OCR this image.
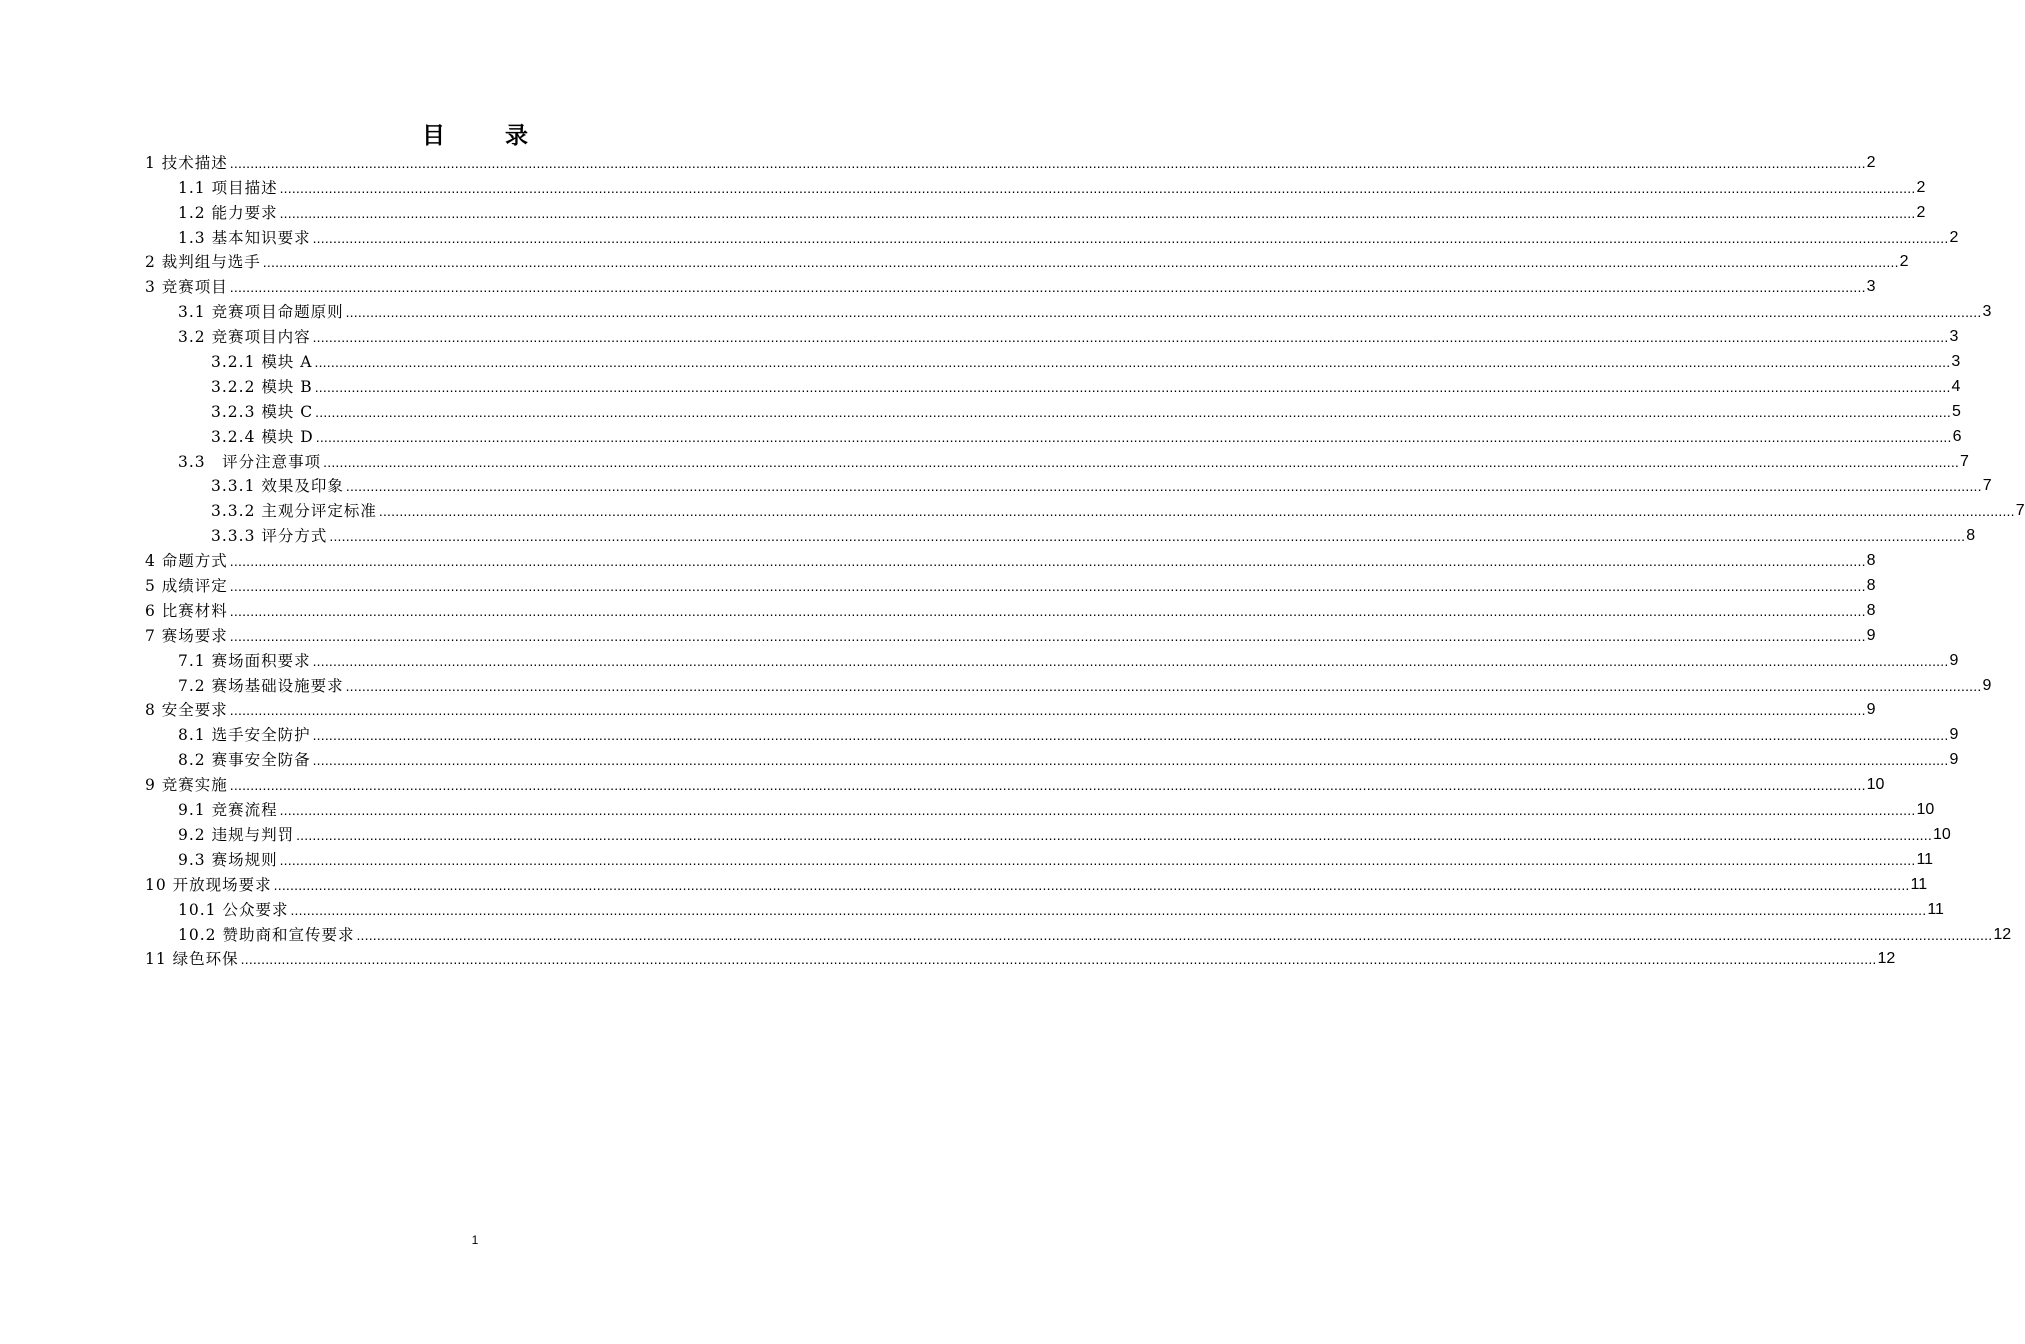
目 录
1 技术描述 ................................................................................................................................................................................................................................................................................................................................................................................................................ 2
1.1 项目描述 ................................................................................................................................................................................................................................................................................................................................................................................................................ 2
1.2 能力要求 ................................................................................................................................................................................................................................................................................................................................................................................................................ 2
1.3 基本知识要求 ................................................................................................................................................................................................................................................................................................................................................................................................................ 2
2 裁判组与选手 ................................................................................................................................................................................................................................................................................................................................................................................................................ 2
3 竞赛项目 ................................................................................................................................................................................................................................................................................................................................................................................................................ 3
3.1 竞赛项目命题原则 ................................................................................................................................................................................................................................................................................................................................................................................................................ 3
3.2 竞赛项目内容 ................................................................................................................................................................................................................................................................................................................................................................................................................ 3
3.2.1 模块 A ................................................................................................................................................................................................................................................................................................................................................................................................................ 3
3.2.2 模块 B ................................................................................................................................................................................................................................................................................................................................................................................................................ 4
3.2.3 模块 C ................................................................................................................................................................................................................................................................................................................................................................................................................ 5
3.2.4 模块 D ................................................................................................................................................................................................................................................................................................................................................................................................................ 6
3.3　评分注意事项 ................................................................................................................................................................................................................................................................................................................................................................................................................ 7
3.3.1 效果及印象 ................................................................................................................................................................................................................................................................................................................................................................................................................ 7
3.3.2 主观分评定标准 ................................................................................................................................................................................................................................................................................................................................................................................................................ 7
3.3.3 评分方式 ................................................................................................................................................................................................................................................................................................................................................................................................................ 8
4 命题方式 ................................................................................................................................................................................................................................................................................................................................................................................................................ 8
5 成绩评定 ................................................................................................................................................................................................................................................................................................................................................................................................................ 8
6 比赛材料 ................................................................................................................................................................................................................................................................................................................................................................................................................ 8
7 赛场要求 ................................................................................................................................................................................................................................................................................................................................................................................................................ 9
7.1 赛场面积要求 ................................................................................................................................................................................................................................................................................................................................................................................................................ 9
7.2 赛场基础设施要求 ................................................................................................................................................................................................................................................................................................................................................................................................................ 9
8 安全要求 ................................................................................................................................................................................................................................................................................................................................................................................................................ 9
8.1 选手安全防护 ................................................................................................................................................................................................................................................................................................................................................................................................................ 9
8.2 赛事安全防备 ................................................................................................................................................................................................................................................................................................................................................................................................................ 9
9 竞赛实施 ................................................................................................................................................................................................................................................................................................................................................................................................................ 10
9.1 竞赛流程 ................................................................................................................................................................................................................................................................................................................................................................................................................ 10
9.2 违规与判罚 ................................................................................................................................................................................................................................................................................................................................................................................................................ 10
9.3 赛场规则 ................................................................................................................................................................................................................................................................................................................................................................................................................ 11
10 开放现场要求 ................................................................................................................................................................................................................................................................................................................................................................................................................ 11
10.1 公众要求 ................................................................................................................................................................................................................................................................................................................................................................................................................ 11
10.2 赞助商和宣传要求 ................................................................................................................................................................................................................................................................................................................................................................................................................ 12
11 绿色环保 ................................................................................................................................................................................................................................................................................................................................................................................................................ 12
1
